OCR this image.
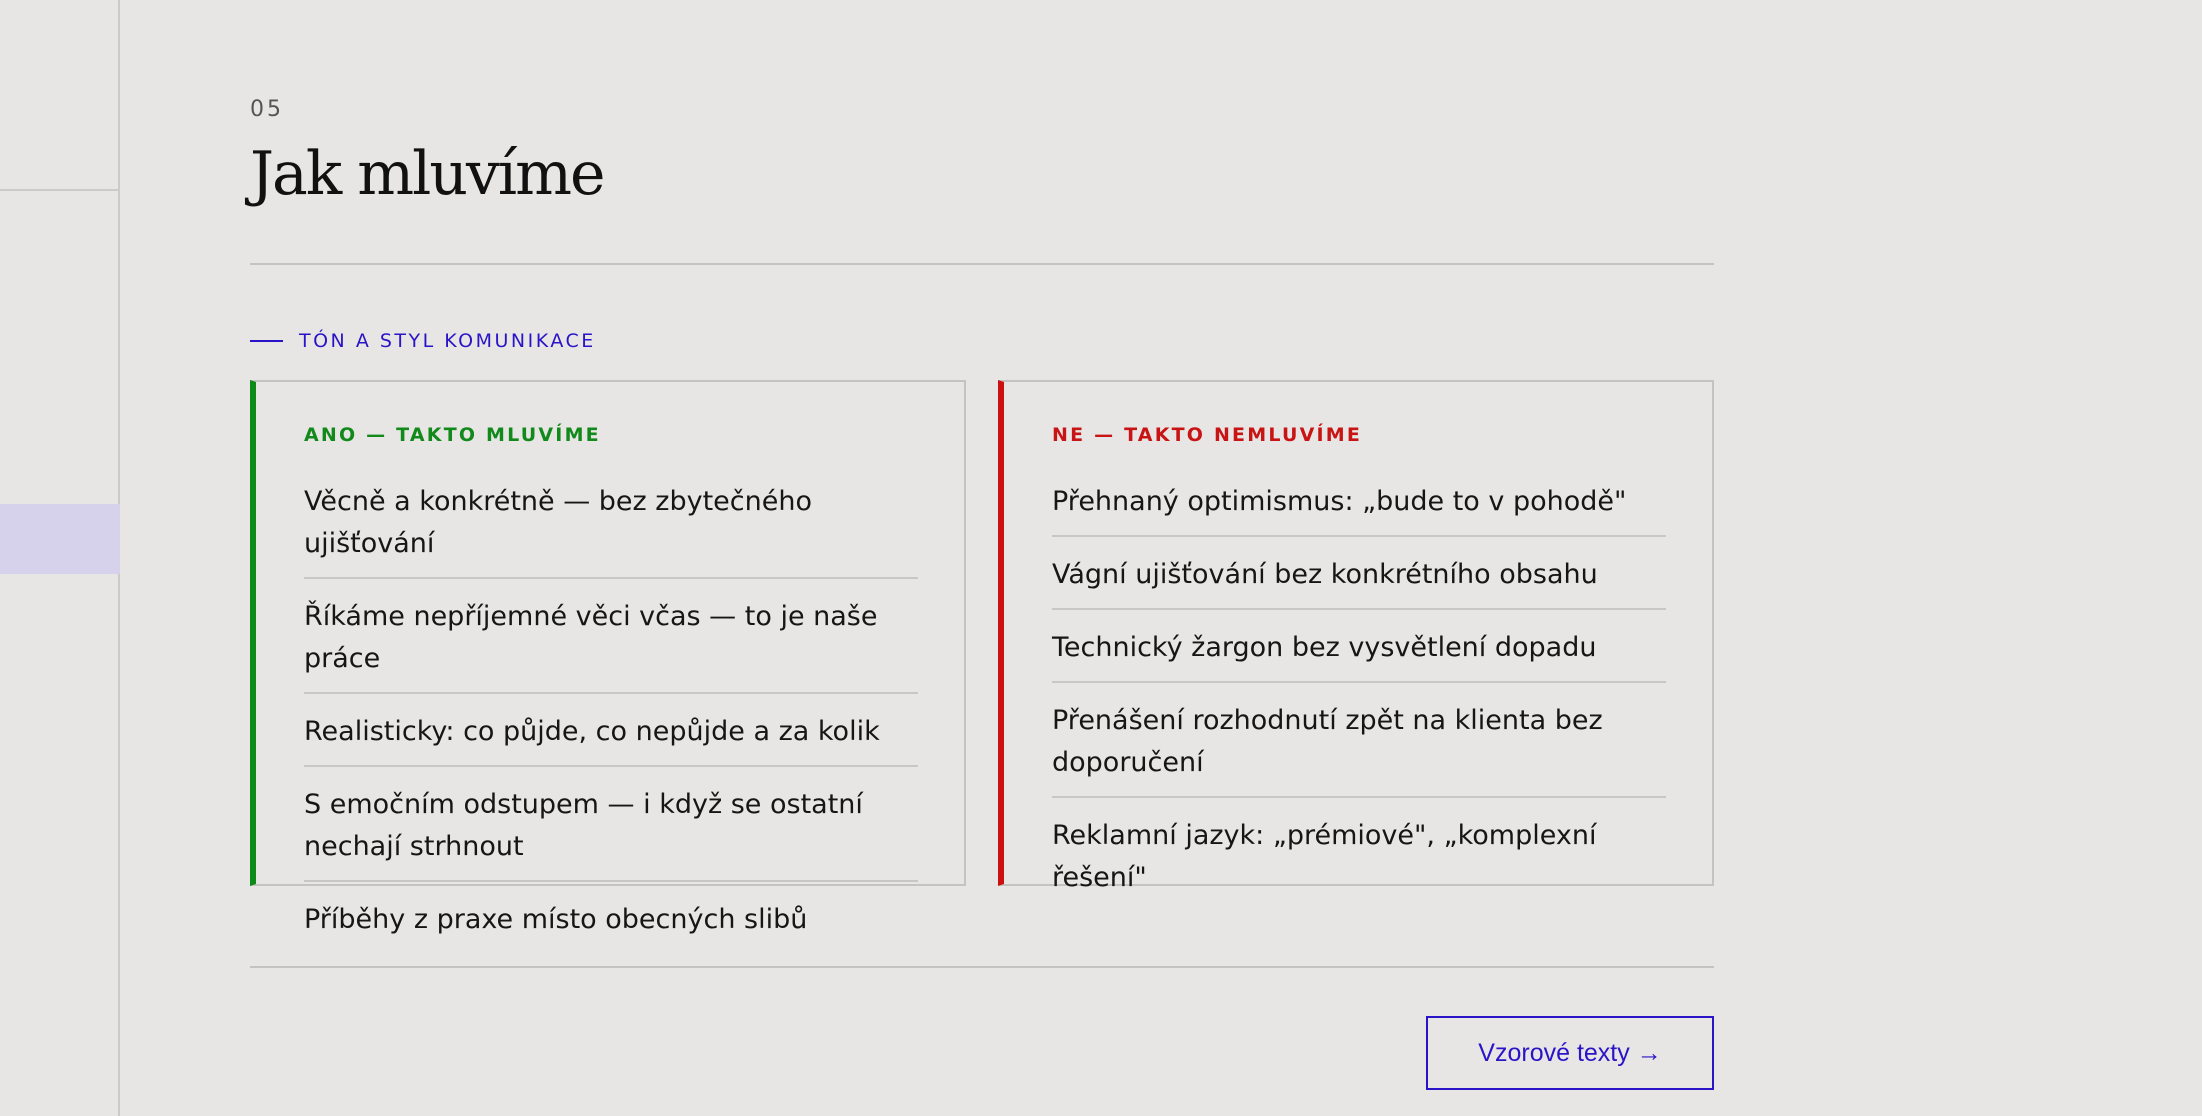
05
Jak mluvíme
TÓN A STYL KOMUNIKACE
ANO — TAKTO MLUVÍME
Věcně a konkrétně — bez zbytečného ujišťování
Říkáme nepříjemné věci včas — to je naše práce
Realisticky: co půjde, co nepůjde a za kolik
S emočním odstupem — i když se ostatní nechají strhnout
Příběhy z praxe místo obecných slibů
NE — TAKTO NEMLUVÍME
Přehnaný optimismus: „bude to v pohodě"
Vágní ujišťování bez konkrétního obsahu
Technický žargon bez vysvětlení dopadu
Přenášení rozhodnutí zpět na klienta bez doporučení
Reklamní jazyk: „prémiové", „komplexní řešení"
Vzorové texty →
